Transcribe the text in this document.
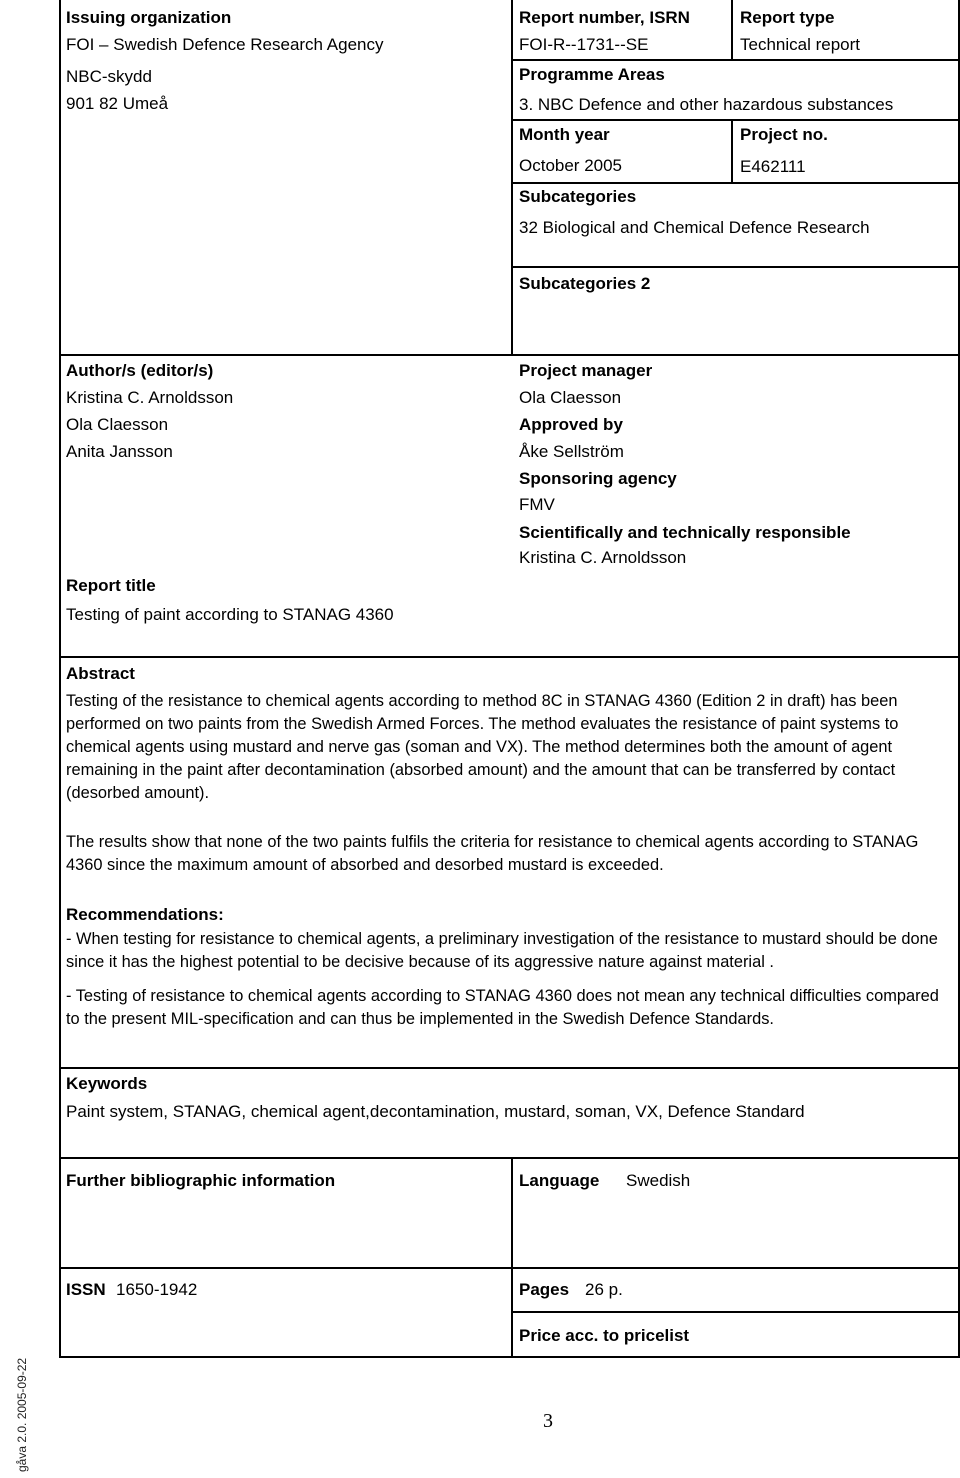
Issuing organization
FOI – Swedish Defence Research Agency
NBC-skydd
901 82 Umeå
Report number, ISRN
FOI-R--1731--SE
Report type
Technical report
Programme Areas
3. NBC Defence and other hazardous substances
Month year
October 2005
Project no.
E462111
Subcategories
32 Biological and Chemical Defence Research
Subcategories 2
Author/s (editor/s)
Kristina C. Arnoldsson
Ola Claesson
Anita Jansson
Report title
Testing of paint according to STANAG 4360
Project manager
Ola Claesson
Approved by
Åke Sellström
Sponsoring agency
FMV
Scientifically and technically responsible
Kristina C. Arnoldsson
Abstract
Testing of the resistance to chemical agents according to method 8C in STANAG 4360 (Edition 2 in draft) has been performed on two paints from the Swedish Armed Forces. The method evaluates the resistance of paint systems to chemical agents using mustard and nerve gas (soman and VX). The method determines both the amount of agent remaining in the paint after decontamination (absorbed amount) and the amount that can be transferred by contact (desorbed amount).
The results show that none of the two paints fulfils the criteria for resistance to chemical agents according to STANAG 4360 since the maximum amount of absorbed and desorbed mustard is exceeded.
Recommendations:
- When testing for resistance to chemical agents, a preliminary investigation of the resistance to mustard should be done since it has the highest potential to be decisive because of its aggressive nature against material .
- Testing of resistance to chemical agents according to STANAG 4360 does not mean any technical difficulties compared to the present MIL-specification and can thus be implemented in the Swedish Defence Standards.
Keywords
Paint system, STANAG, chemical agent,decontamination, mustard, soman, VX, Defence Standard
Further bibliographic information	Language Swedish
ISSN 1650-1942	Pages 26 p.
Price acc. to pricelist
3
gåva 2.0. 2005-09-22
